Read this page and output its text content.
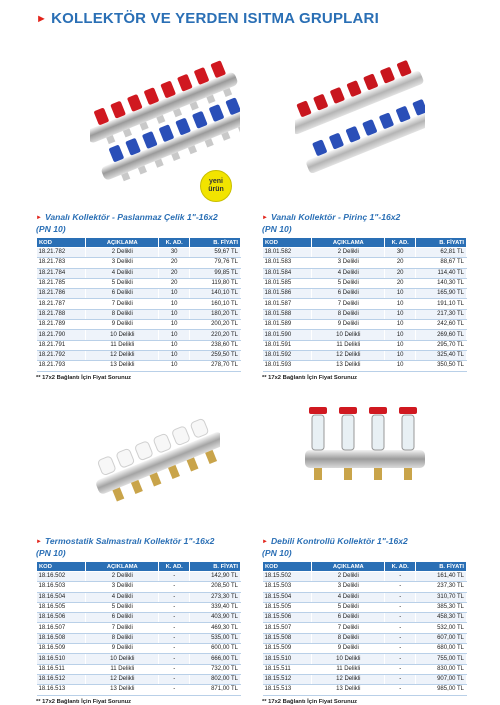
► KOLLEKTÖR VE YERDEN ISITMA GRUPLARI
yeni ürün
► Vanalı Kollektör - Paslanmaz Çelik 1"-16x2
(PN 10)
KOD	AÇIKLAMA	K. AD.	B. FİYATI
18.21.782	2 Delikli	30	59,67 TL
18.21.783	3 Delikli	20	79,76 TL
18.21.784	4 Delikli	20	99,85 TL
18.21.785	5 Delikli	20	119,80 TL
18.21.786	6 Delikli	10	140,10 TL
18.21.787	7 Delikli	10	160,10 TL
18.21.788	8 Delikli	10	180,20 TL
18.21.789	9 Delikli	10	200,20 TL
18.21.790	10 Delikli	10	220,20 TL
18.21.791	11 Delikli	10	238,60 TL
18.21.792	12 Delikli	10	259,50 TL
18.21.793	13 Delikli	10	278,70 TL
** 17x2 Bağlantı İçin Fiyat Sorunuz
► Vanalı Kollektör - Pirinç 1"-16x2
(PN 10)
KOD	AÇIKLAMA	K. AD.	B. FİYATI
18.01.582	2 Delikli	30	62,81 TL
18.01.583	3 Delikli	20	88,67 TL
18.01.584	4 Delikli	20	114,40 TL
18.01.585	5 Delikli	20	140,30 TL
18.01.586	6 Delikli	10	165,90 TL
18.01.587	7 Delikli	10	191,10 TL
18.01.588	8 Delikli	10	217,30 TL
18.01.589	9 Delikli	10	242,60 TL
18.01.590	10 Delikli	10	269,60 TL
18.01.591	11 Delikli	10	295,70 TL
18.01.592	12 Delikli	10	325,40 TL
18.01.593	13 Delikli	10	350,50 TL
** 17x2 Bağlantı İçin Fiyat Sorunuz
► Termostatik Salmastralı Kollektör 1"-16x2
(PN 10)
KOD	AÇIKLAMA	K. AD.	B. FİYATI
18.16.502	2 Delikli	-	142,90 TL
18.16.503	3 Delikli	-	208,50 TL
18.16.504	4 Delikli	-	273,30 TL
18.16.505	5 Delikli	-	339,40 TL
18.16.506	6 Delikli	-	403,90 TL
18.16.507	7 Delikli	-	469,30 TL
18.16.508	8 Delikli	-	535,00 TL
18.16.509	9 Delikli	-	600,00 TL
18.16.510	10 Delikli	-	666,00 TL
18.16.511	11 Delikli	-	732,00 TL
18.16.512	12 Delikli	-	802,00 TL
18.16.513	13 Delikli	-	871,00 TL
** 17x2 Bağlantı İçin Fiyat Sorunuz
► Debili Kontrollü Kollektör 1"-16x2
(PN 10)
KOD	AÇIKLAMA	K. AD.	B. FİYATI
18.15.502	2 Delikli	-	161,40 TL
18.15.503	3 Delikli	-	237,30 TL
18.15.504	4 Delikli	-	310,70 TL
18.15.505	5 Delikli	-	385,30 TL
18.15.506	6 Delikli	-	458,30 TL
18.15.507	7 Delikli	-	532,00 TL
18.15.508	8 Delikli	-	607,00 TL
18.15.509	9 Delikli	-	680,00 TL
18.15.510	10 Delikli	-	755,00 TL
18.15.511	11 Delikli	-	830,00 TL
18.15.512	12 Delikli	-	907,00 TL
18.15.513	13 Delikli	-	985,00 TL
** 17x2 Bağlantı İçin Fiyat Sorunuz
